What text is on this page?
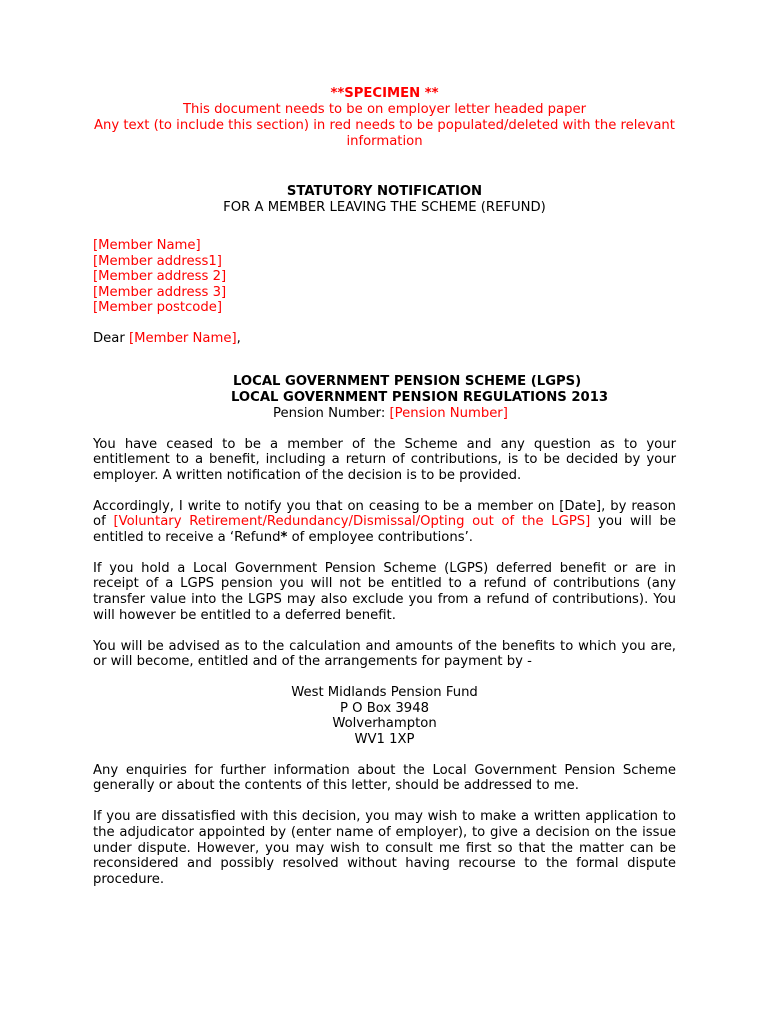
**SPECIMEN **
This document needs to be on employer letter headed paper
Any text (to include this section) in red needs to be populated/deleted with the relevant information
STATUTORY NOTIFICATION
FOR A MEMBER LEAVING THE SCHEME (REFUND)
[Member Name]
[Member address1]
[Member address 2]
[Member address 3]
[Member postcode]
Dear [Member Name],
LOCAL GOVERNMENT PENSION SCHEME (LGPS)
LOCAL GOVERNMENT PENSION REGULATIONS 2013
Pension Number: [Pension Number]

You have ceased to be a member of the Scheme and any question as to your entitlement to a benefit, including a return of contributions, is to be decided by your employer. A written notification of the decision is to be provided.

Accordingly, I write to notify you that on ceasing to be a member on [Date], by reason of [Voluntary Retirement/Redundancy/Dismissal/Opting out of the LGPS] you will be entitled to receive a ‘Refund* of employee contributions’.

If you hold a Local Government Pension Scheme (LGPS) deferred benefit or are in receipt of a LGPS pension you will not be entitled to a refund of contributions (any transfer value into the LGPS may also exclude you from a refund of contributions). You will however be entitled to a deferred benefit.

You will be advised as to the calculation and amounts of the benefits to which you are, or will become, entitled and of the arrangements for payment by -

West Midlands Pension Fund
P O Box 3948
Wolverhampton
WV1 1XP

Any enquiries for further information about the Local Government Pension Scheme generally or about the contents of this letter, should be addressed to me.

If you are dissatisfied with this decision, you may wish to make a written application to the adjudicator appointed by (enter name of employer), to give a decision on the issue under dispute. However, you may wish to consult me first so that the matter can be reconsidered and possibly resolved without having recourse to the formal dispute procedure.
